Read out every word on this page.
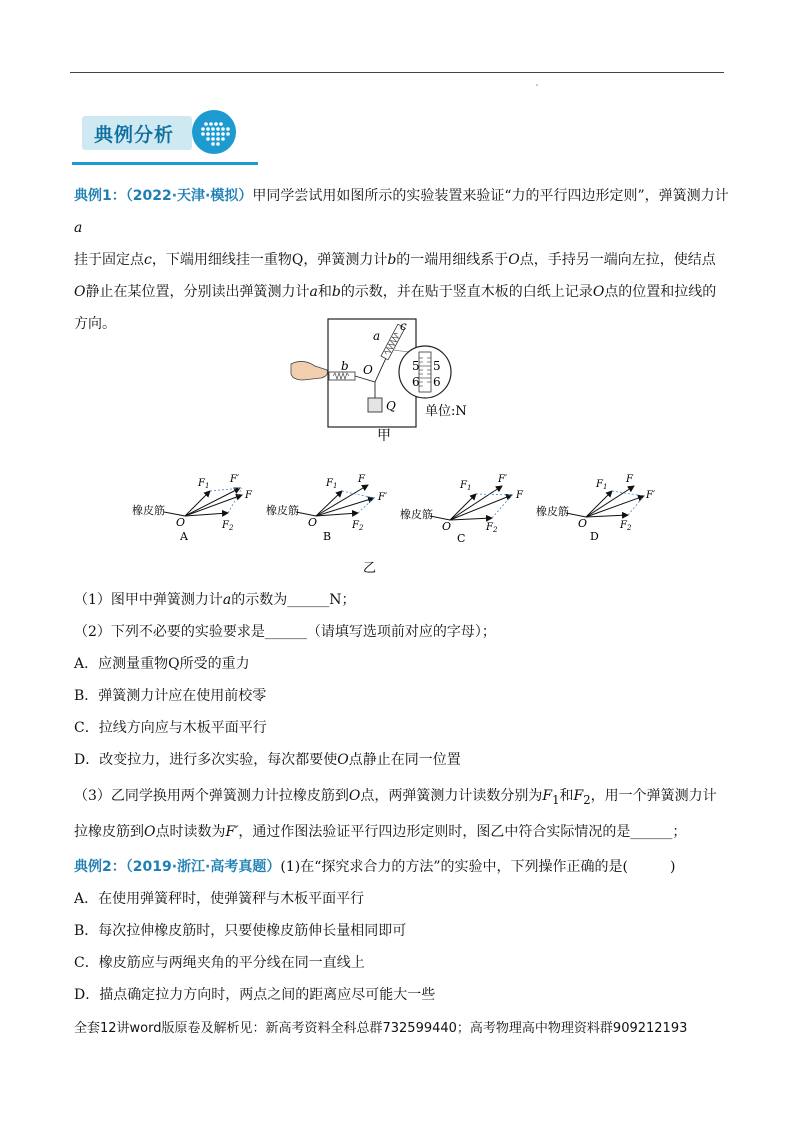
典例分析
典例1：（2022·天津·模拟）甲同学尝试用如图所示的实验装置来验证“力的平行四边形定则”，弹簧测力计a
挂于固定点c，下端用细线挂一重物Q，弹簧测力计b的一端用细线系于O点，手持另一端向左拉，使结点
O静止在某位置，分别读出弹簧测力计a和b的示数，并在贴于竖直木板的白纸上记录O点的位置和拉线的方向。
5 5
6 6
a
c
b O
Q 单位:N
甲
橡皮筋
O
$F_1$
$F_2$
F′
F
A
橡皮筋
O
$F_1$
$F_2$
F
F′
B
橡皮筋
O
$F_1$
$F_2$
F′
F
C
橡皮筋
O
$F_1$
$F_2$
F
F′
D
乙
（1）图甲中弹簧测力计a的示数为______N；
（2）下列不必要的实验要求是______（请填写选项前对应的字母）；
A．应测量重物Q所受的重力
B．弹簧测力计应在使用前校零
C．拉线方向应与木板平面平行
D．改变拉力，进行多次实验，每次都要使O点静止在同一位置
（3）乙同学换用两个弹簧测力计拉橡皮筋到O点，两弹簧测力计读数分别为$F_1$和$F_2$，用一个弹簧测力计
拉橡皮筋到O点时读数为F′，通过作图法验证平行四边形定则时，图乙中符合实际情况的是______；
典例2：（2019·浙江·高考真题）(1)在“探究求合力的方法”的实验中，下列操作正确的是(　　　)
A．在使用弹簧秤时，使弹簧秤与木板平面平行
B．每次拉伸橡皮筋时，只要使橡皮筋伸长量相同即可
C．橡皮筋应与两绳夹角的平分线在同一直线上
D．描点确定拉力方向时，两点之间的距离应尽可能大一些
全套12讲word版原卷及解析见：新高考资料全科总群732599440；高考物理高中物理资料群909212193
